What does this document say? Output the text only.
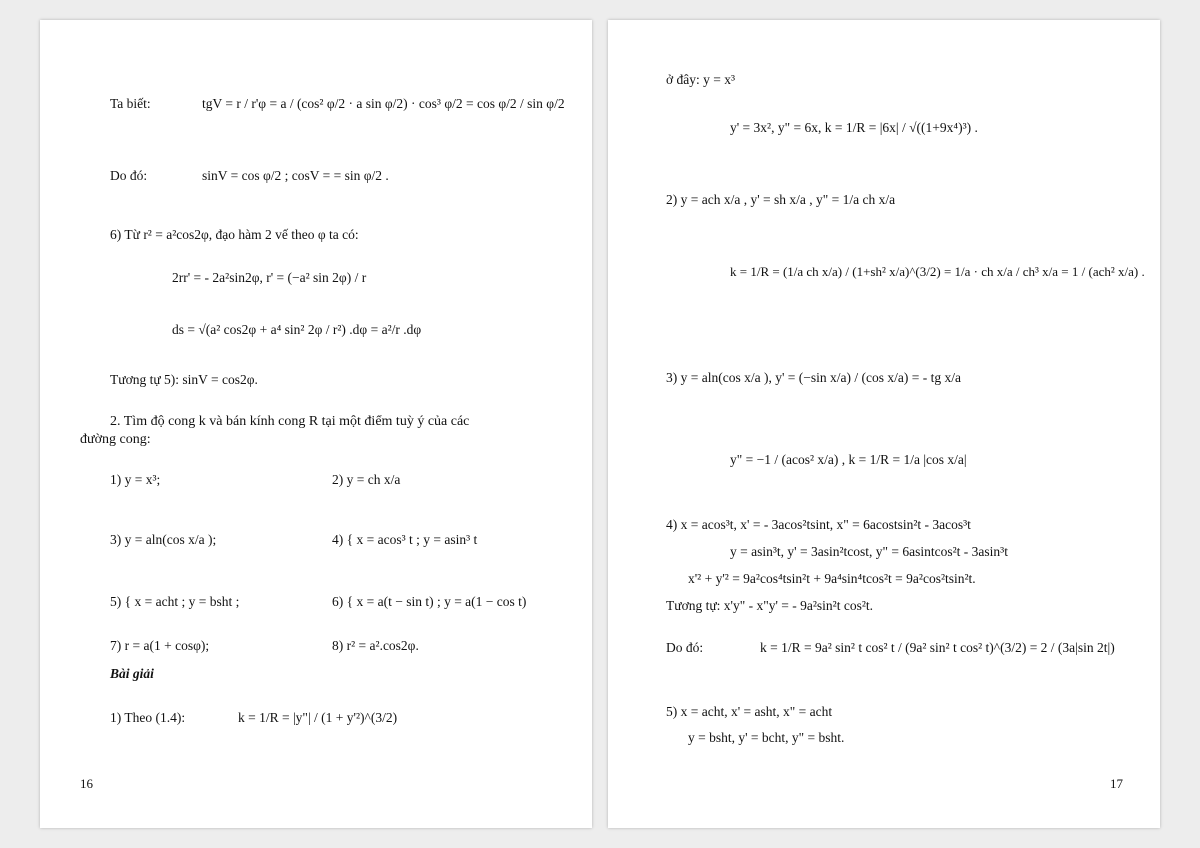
Ta biết:	tgV = r / r'φ = a / (cos² φ/2 · a sin φ/2) · cos³ φ/2 = cos φ/2 / sin φ/2
Do đó:	sinV = cos φ/2 ; cosV = = sin φ/2 .
6) Từ r² = a²cos2φ, đạo hàm 2 vế theo φ ta có:
2rr' = - 2a²sin2φ, r' = (−a² sin 2φ) / r
ds = √(a² cos2φ + a⁴ sin² 2φ / r²) .dφ = a²/r .dφ
Tương tự 5): sinV = cos2φ.
2. Tìm độ cong k và bán kính cong R tại một điểm tuỳ ý của các
đường cong:
1) y = x³;	2) y = ch x/a
3) y = aln(cos x/a );	4) { x = acos³ t ; y = asin³ t
5) { x = acht ; y = bsht ;	6) { x = a(t − sin t) ; y = a(1 − cos t)
7) r = a(1 + cosφ);	8) r² = a².cos2φ.
Bài giải
1) Theo (1.4):	k = 1/R = |y"| / (1 + y'²)^(3/2)
16
ở đây: y = x³
y' = 3x², y" = 6x, k = 1/R = |6x| / √((1+9x⁴)³) .
2) y = ach x/a , y' = sh x/a , y" = 1/a ch x/a
k = 1/R = (1/a ch x/a) / (1+sh² x/a)^(3/2) = 1/a · ch x/a / ch³ x/a = 1 / (ach² x/a) .
3) y = aln(cos x/a ), y' = (−sin x/a) / (cos x/a) = - tg x/a
y" = −1 / (acos² x/a) , k = 1/R = 1/a |cos x/a|
4) x = acos³t, x' = - 3acos²tsint, x" = 6acostsin²t - 3acos³t
y = asin³t, y' = 3asin²tcost, y" = 6asintcos²t - 3asin³t
x'² + y'² = 9a²cos⁴tsin²t + 9a⁴sin⁴tcos²t = 9a²cos²tsin²t.
Tương tự: x'y" - x"y' = - 9a²sin²t cos²t.
Do đó:	k = 1/R = 9a² sin² t cos² t / (9a² sin² t cos² t)^(3/2) = 2 / (3a|sin 2t|)
5) x = acht, x' = asht, x" = acht
y = bsht, y' = bcht, y" = bsht.
17
